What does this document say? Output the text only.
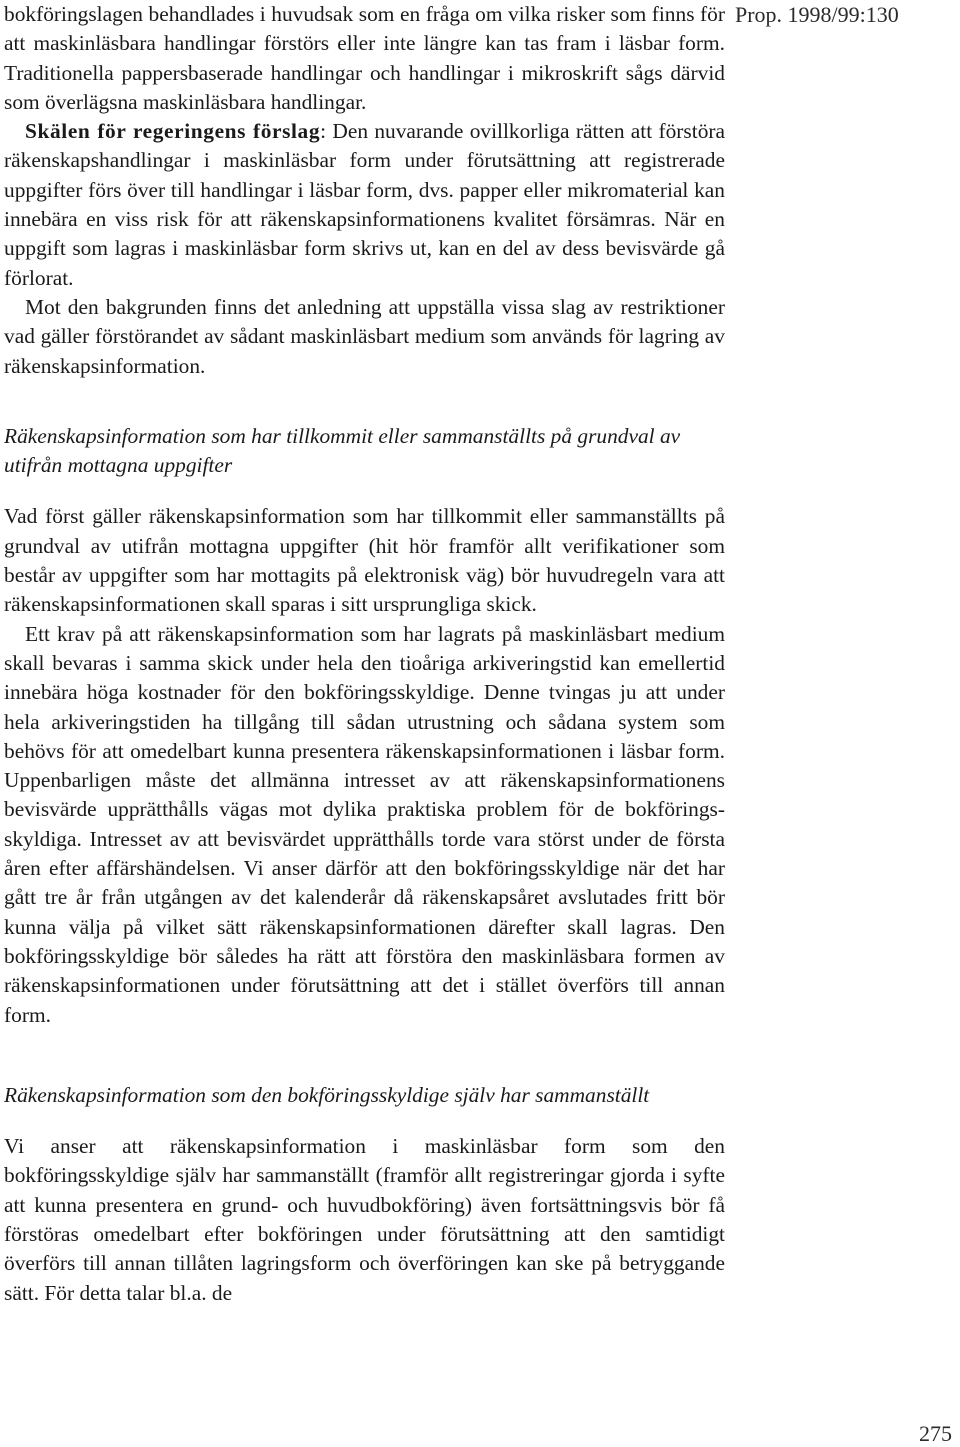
Prop. 1998/99:130

bokföringslagen behandlades i huvudsak som en fråga om vilka risker som finns för att maskinläsbara handlingar förstörs eller inte längre kan tas fram i läsbar form. Traditionella pappersbaserade handlingar och handlingar i mikroskrift sågs därvid som överlägsna maskinläsbara handlingar.

Skälen för regeringens förslag: Den nuvarande ovillkorliga rätten att förstöra räkenskapshandlingar i maskinläsbar form under förutsättning att registrerade uppgifter förs över till handlingar i läsbar form, dvs. papper eller mikromaterial kan innebära en viss risk för att räkenskapsinformationens kvalitet försämras. När en uppgift som lagras i maskinläsbar form skrivs ut, kan en del av dess bevisvärde gå förlorat.

Mot den bakgrunden finns det anledning att uppställa vissa slag av restriktioner vad gäller förstörandet av sådant maskinläsbart medium som används för lagring av räkenskapsinformation.

Räkenskapsinformation som har tillkommit eller sammanställts på grundval av utifrån mottagna uppgifter

Vad först gäller räkenskapsinformation som har tillkommit eller sammanställts på grundval av utifrån mottagna uppgifter (hit hör framför allt verifikationer som består av uppgifter som har mottagits på elektronisk väg) bör huvudregeln vara att räkenskapsinformationen skall sparas i sitt ursprungliga skick.

Ett krav på att räkenskapsinformation som har lagrats på maskinläsbart medium skall bevaras i samma skick under hela den tioåriga arkiveringstid kan emellertid innebära höga kostnader för den bokföringsskyldige. Denne tvingas ju att under hela arkiveringstiden ha tillgång till sådan utrustning och sådana system som behövs för att omedelbart kunna presentera räkenskapsinformationen i läsbar form. Uppenbarligen måste det allmänna intresset av att räkenskapsinformationens bevisvärde upprätthålls vägas mot dylika praktiska problem för de bokföringsskyldiga. Intresset av att bevisvärdet upprätthålls torde vara störst under de första åren efter affärshändelsen. Vi anser därför att den bokföringsskyldige när det har gått tre år från utgången av det kalenderår då räkenskapsåret avslutades fritt bör kunna välja på vilket sätt räkenskapsinformationen därefter skall lagras. Den bokföringsskyldige bör således ha rätt att förstöra den maskinläsbara formen av räkenskapsinformationen under förutsättning att det i stället överförs till annan form.

Räkenskapsinformation som den bokföringsskyldige själv har sammanställt

Vi anser att räkenskapsinformation i maskinläsbar form som den bokföringsskyldige själv har sammanställt (framför allt registreringar gjorda i syfte att kunna presentera en grund- och huvudbokföring) även fortsättningsvis bör få förstöras omedelbart efter bokföringen under förutsättning att den samtidigt överförs till annan tillåten lagringsform och överföringen kan ske på betryggande sätt. För detta talar bl.a. de

275
